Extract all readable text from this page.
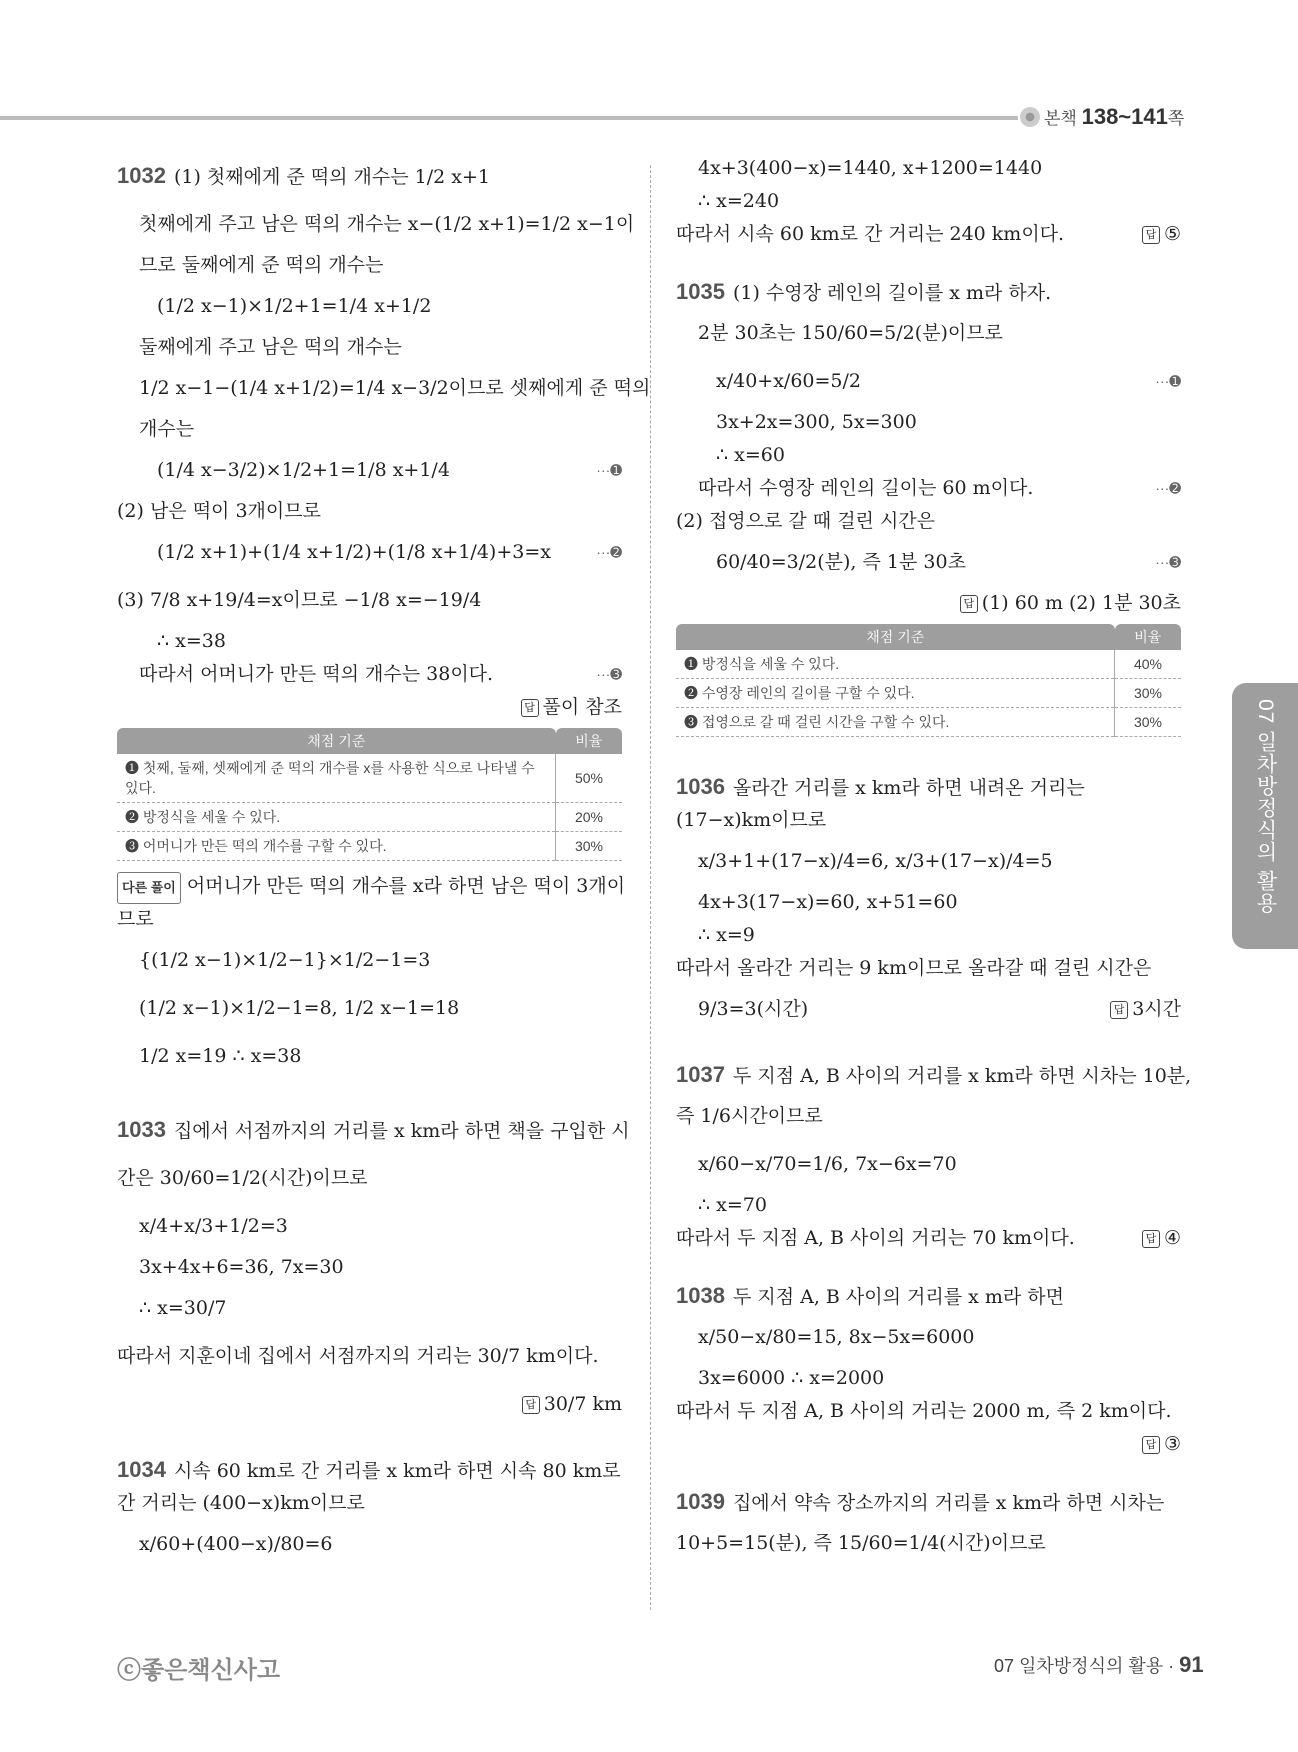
본책 138~141쪽
1032 (1) 첫째에게 준 떡의 개수는 1/2 x+1
첫째에게 주고 남은 떡의 개수는 x−(1/2 x+1)=1/2 x−1이
므로 둘째에게 준 떡의 개수는
(1/2 x−1)×1/2+1=1/4 x+1/2
둘째에게 주고 남은 떡의 개수는
1/2 x−1−(1/4 x+1/2)=1/4 x−3/2이므로 셋째에게 준 떡의
개수는
(1/4 x−3/2)×1/2+1=1/8 x+1/4	···➊
(2) 남은 떡이 3개이므로
(1/2 x+1)+(1/4 x+1/2)+(1/8 x+1/4)+3=x	···➋
(3) 7/8 x+19/4=x이므로 −1/8 x=−19/4
∴ x=38
따라서 어머니가 만든 떡의 개수는 38이다.	···➌
답 풀이 참조
채점 기준	비율
❶ 첫째, 둘째, 셋째에게 준 떡의 개수를 x를 사용한 식으로 나타낼 수 있다.	50%
❷ 방정식을 세울 수 있다.	20%
❸ 어머니가 만든 떡의 개수를 구할 수 있다.	30%
다른 풀이 어머니가 만든 떡의 개수를 x라 하면 남은 떡이 3개이
므로
{(1/2 x−1)×1/2−1}×1/2−1=3
(1/2 x−1)×1/2−1=8, 1/2 x−1=18
1/2 x=19 ∴ x=38
1033 집에서 서점까지의 거리를 x km라 하면 책을 구입한 시
간은 30/60=1/2(시간)이므로
x/4+x/3+1/2=3
3x+4x+6=36, 7x=30
∴ x=30/7
따라서 지훈이네 집에서 서점까지의 거리는 30/7 km이다.
답 30/7 km
1034 시속 60 km로 간 거리를 x km라 하면 시속 80 km로
간 거리는 (400−x)km이므로
x/60+(400−x)/80=6
4x+3(400−x)=1440, x+1200=1440
∴ x=240
따라서 시속 60 km로 간 거리는 240 km이다.	답 ⑤
1035 (1) 수영장 레인의 길이를 x m라 하자.
2분 30초는 150/60=5/2(분)이므로
x/40+x/60=5/2	···➊
3x+2x=300, 5x=300
∴ x=60
따라서 수영장 레인의 길이는 60 m이다.	···➋
(2) 접영으로 갈 때 걸린 시간은
60/40=3/2(분), 즉 1분 30초	···➌
답 (1) 60 m (2) 1분 30초
채점 기준	비율
❶ 방정식을 세울 수 있다.	40%
❷ 수영장 레인의 길이를 구할 수 있다.	30%
❸ 접영으로 갈 때 걸린 시간을 구할 수 있다.	30%
1036 올라간 거리를 x km라 하면 내려온 거리는
(17−x)km이므로
x/3+1+(17−x)/4=6, x/3+(17−x)/4=5
4x+3(17−x)=60, x+51=60
∴ x=9
따라서 올라간 거리는 9 km이므로 올라갈 때 걸린 시간은
9/3=3(시간)	답 3시간
1037 두 지점 A, B 사이의 거리를 x km라 하면 시차는 10분,
즉 1/6시간이므로
x/60−x/70=1/6, 7x−6x=70
∴ x=70
따라서 두 지점 A, B 사이의 거리는 70 km이다.	답 ④
1038 두 지점 A, B 사이의 거리를 x m라 하면
x/50−x/80=15, 8x−5x=6000
3x=6000 ∴ x=2000
따라서 두 지점 A, B 사이의 거리는 2000 m, 즉 2 km이다.
답 ③
1039 집에서 약속 장소까지의 거리를 x km라 하면 시차는
10+5=15(분), 즉 15/60=1/4(시간)이므로
07 일차방정식의 활용
ⓒ좋은책신사고	07 일차방정식의 활용 · 91
